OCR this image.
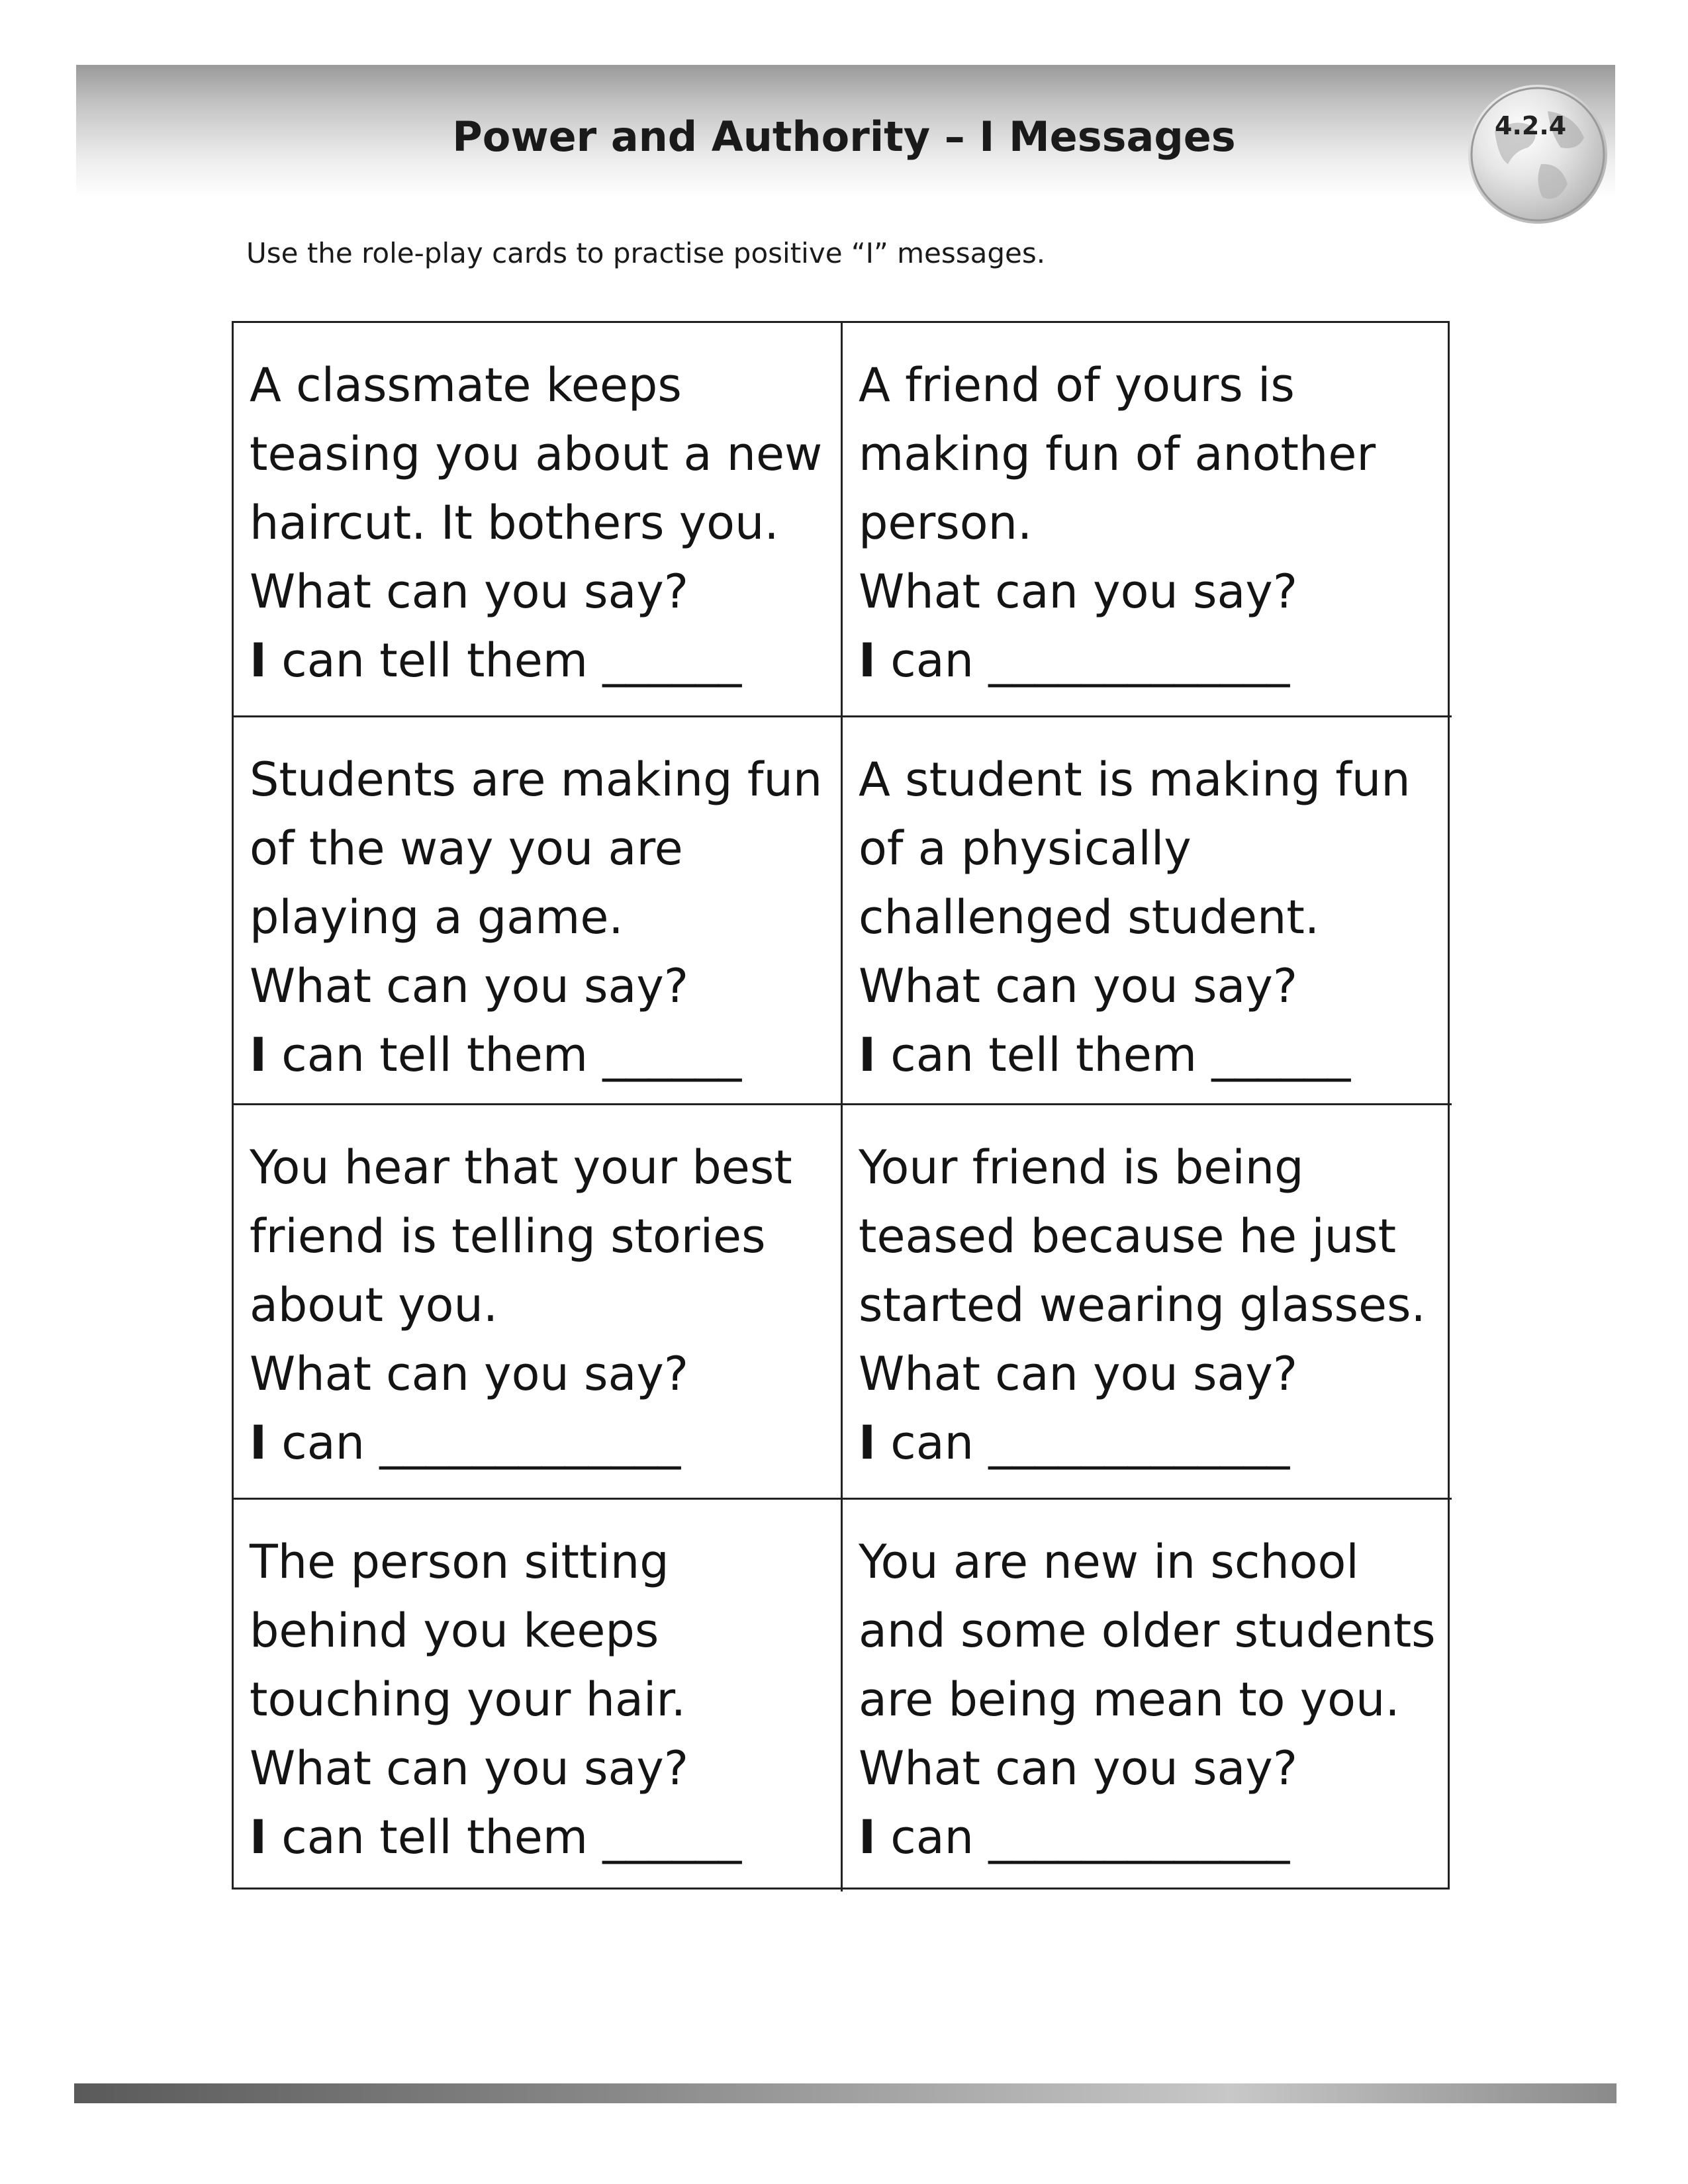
4.2.4
Power and Authority – I Messages
Use the role-play cards to practise positive “I” messages.
A classmate keeps
teasing you about a new
haircut. It bothers you.
What can you say?
I can tell them ______
A friend of yours is
making fun of another
person.
What can you say?
I can _____________
Students are making fun
of the way you are
playing a game.
What can you say?
I can tell them ______
A student is making fun
of a physically
challenged student.
What can you say?
I can tell them ______
You hear that your best
friend is telling stories
about you.
What can you say?
I can _____________
Your friend is being
teased because he just
started wearing glasses.
What can you say?
I can _____________
The person sitting
behind you keeps
touching your hair.
What can you say?
I can tell them ______
You are new in school
and some older students
are being mean to you.
What can you say?
I can _____________
